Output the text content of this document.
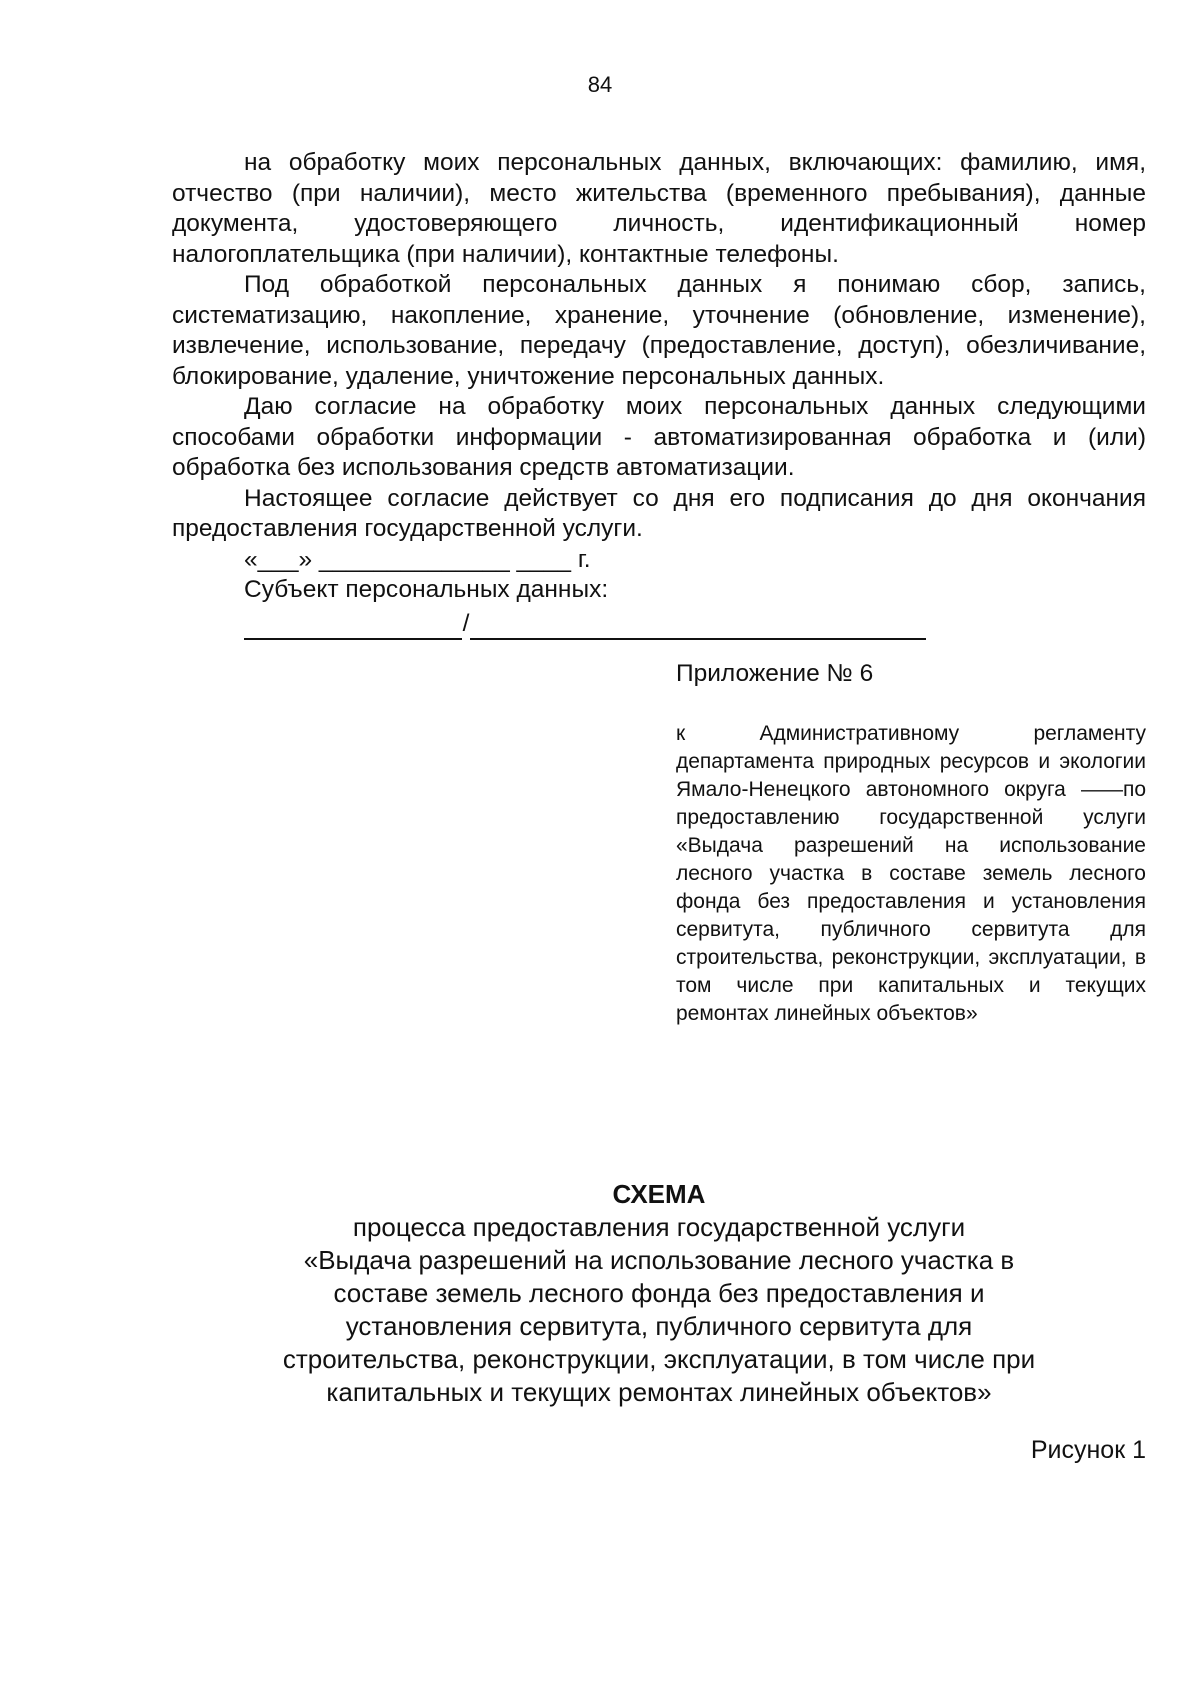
84

на обработку моих персональных данных, включающих: фамилию, имя, отчество (при наличии), место жительства (временного пребывания), данные документа, удостоверяющего личность, идентификационный номер налогоплательщика (при наличии), контактные телефоны.

Под обработкой персональных данных я понимаю сбор, запись, систематизацию, накопление, хранение, уточнение (обновление, изменение), извлечение, использование, передачу (предоставление, доступ), обезличивание, блокирование, удаление, уничтожение персональных данных.

Даю согласие на обработку моих персональных данных следующими способами обработки информации - автоматизированная обработка и (или) обработка без использования средств автоматизации.

Настоящее согласие действует со дня его подписания до дня окончания предоставления государственной услуги.

«___» ______________ ____ г.
Субъект персональных данных:
/
Приложение № 6
к Административному регламенту департамента природных ресурсов и экологии Ямало-Ненецкого автономного округа ——по предоставлению государственной услуги «Выдача разрешений на использование лесного участка в составе земель лесного фонда без предоставления и установления сервитута, публичного сервитута для строительства, реконструкции, эксплуатации, в том числе при капитальных и текущих ремонтах линейных объектов»
СХЕМА
процесса предоставления государственной услуги
«Выдача разрешений на использование лесного участка в
составе земель лесного фонда без предоставления и
установления сервитута, публичного сервитута для
строительства, реконструкции, эксплуатации, в том числе при
капитальных и текущих ремонтах линейных объектов»
Рисунок 1
